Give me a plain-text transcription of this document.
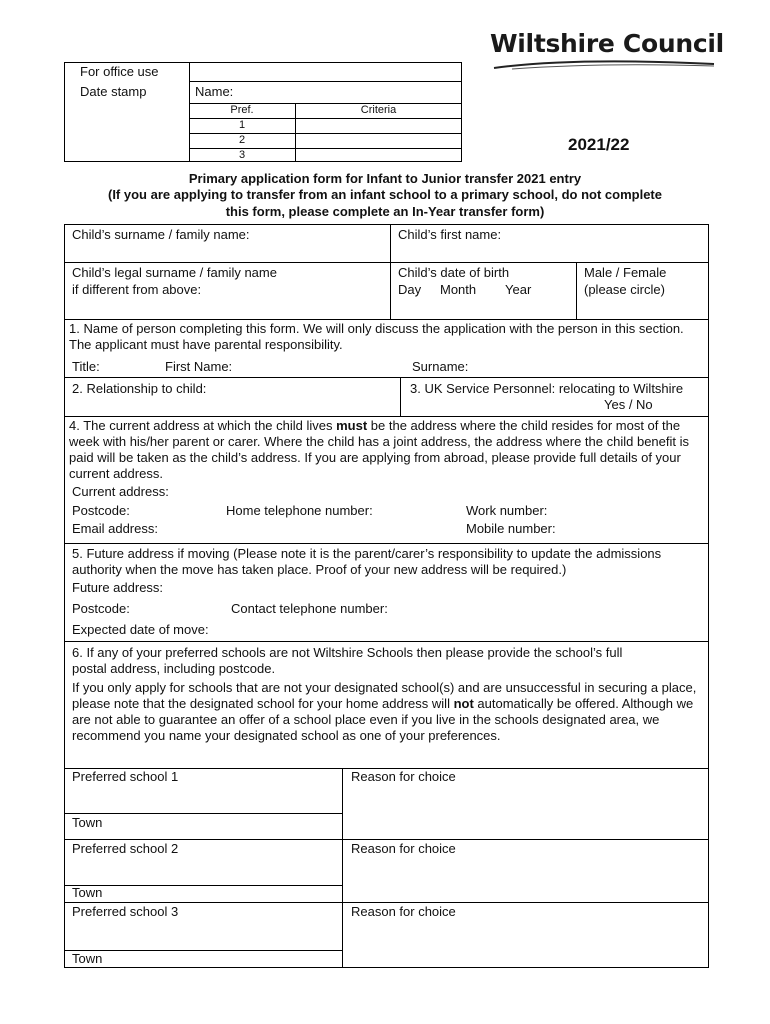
Wiltshire Council
For office use
Date stamp	Name:
Pref.	Criteria
1
2
3
2021/22
Primary application form for Infant to Junior transfer 2021 entry
(If you are applying to transfer from an infant school to a primary school, do not complete
this form, please complete an In-Year transfer form)
Child’s surname / family name:	Child’s first name:
Child’s legal surname / family name
if different from above:
Child’s date of birth
Day Month Year
Male / Female
(please circle)
1. Name of person completing this form. We will only discuss the application with the person in this section. The applicant must have parental responsibility.
Title:	First Name:	Surname:
2. Relationship to child:	3. UK Service Personnel: relocating to Wiltshire
Yes / No
4. The current address at which the child lives must be the address where the child resides for most of the week with his/her parent or carer. Where the child has a joint address, the address where the child benefit is paid will be taken as the child’s address. If you are applying from abroad, please provide full details of your current address.
Current address:
Postcode:	Home telephone number:	Work number:
Email address:	Mobile number:
5. Future address if moving (Please note it is the parent/carer’s responsibility to update the admissions authority when the move has taken place. Proof of your new address will be required.)
Future address:
Postcode:	Contact telephone number:
Expected date of move:
6. If any of your preferred schools are not Wiltshire Schools then please provide the school’s full postal address, including postcode.
If you only apply for schools that are not your designated school(s) and are unsuccessful in securing a place, please note that the designated school for your home address will not automatically be offered. Although we are not able to guarantee an offer of a school place even if you live in the schools designated area, we recommend you name your designated school as one of your preferences.
Preferred school 1
Town
Reason for choice
Preferred school 2
Town
Reason for choice
Preferred school 3
Town
Reason for choice
